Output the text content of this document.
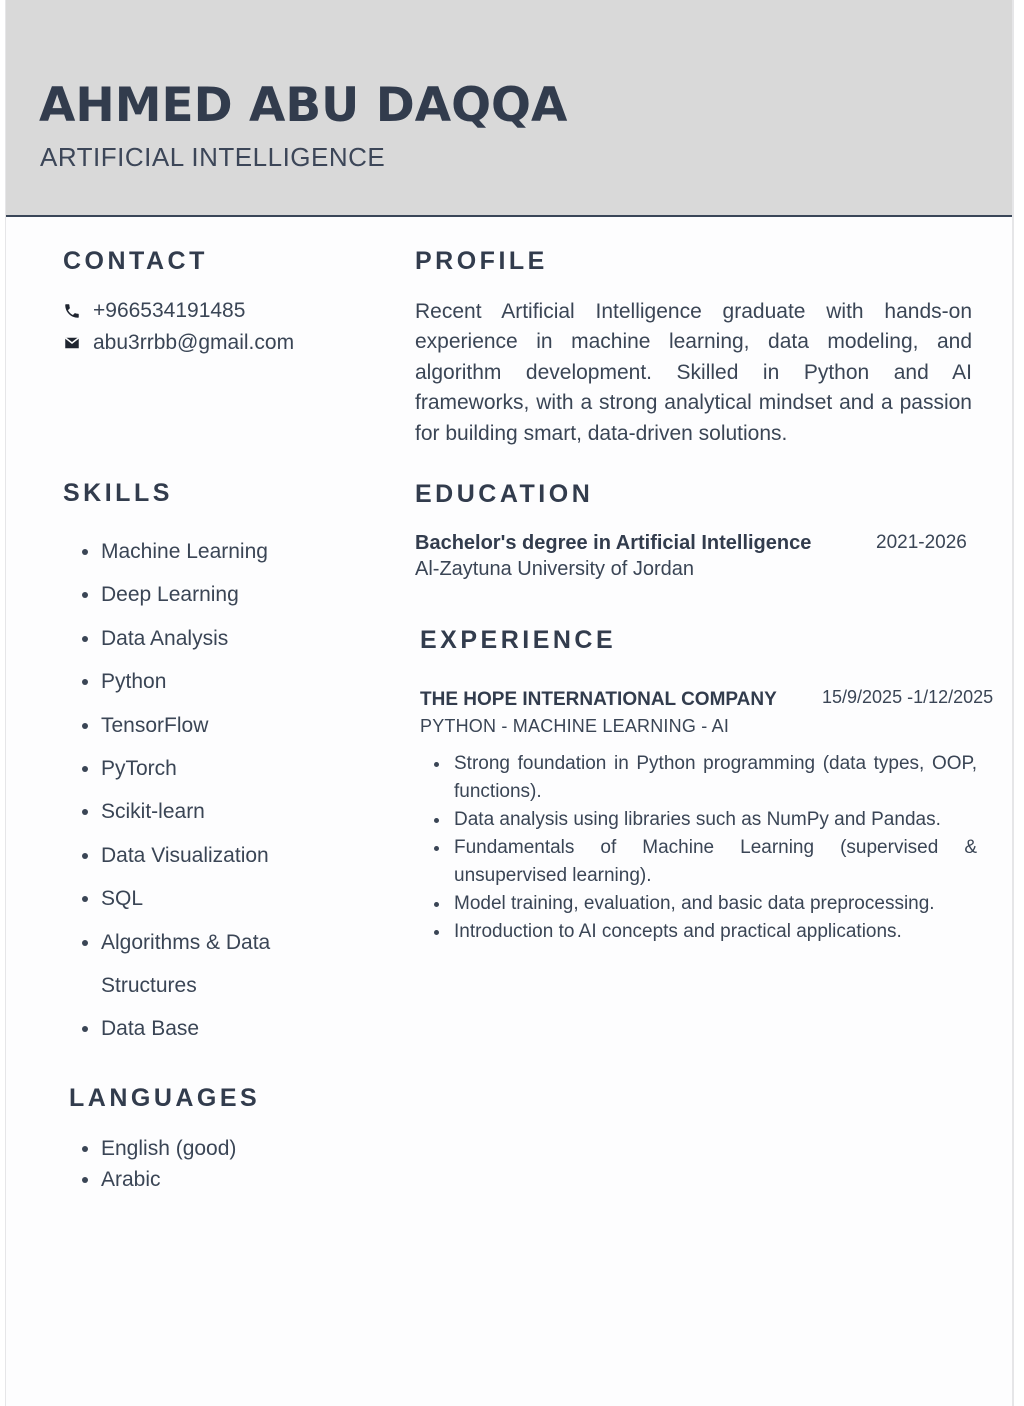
AHMED ABU DAQQA
ARTIFICIAL INTELLIGENCE
CONTACT
+966534191485
abu3rrbb@gmail.com
SKILLS
Machine Learning
Deep Learning
Data Analysis
Python
TensorFlow
PyTorch
Scikit-learn
Data Visualization
SQL
Algorithms & Data Structures
Data Base
LANGUAGES
English (good)
Arabic
PROFILE

Recent Artificial Intelligence graduate with hands-on experience in machine learning, data modeling, and algorithm development. Skilled in Python and AI frameworks, with a strong analytical mindset and a passion for building smart, data-driven solutions.

EDUCATION
Bachelor's degree in Artificial Intelligence	2021-2026
Al-Zaytuna University of Jordan
EXPERIENCE
THE HOPE INTERNATIONAL COMPANY	15/9/2025 -1/12/2025
PYTHON - MACHINE LEARNING - AI
Strong foundation in Python programming (data types, OOP, functions).
Data analysis using libraries such as NumPy and Pandas.
Fundamentals of Machine Learning (supervised & unsupervised learning).
Model training, evaluation, and basic data preprocessing.
Introduction to AI concepts and practical applications.
